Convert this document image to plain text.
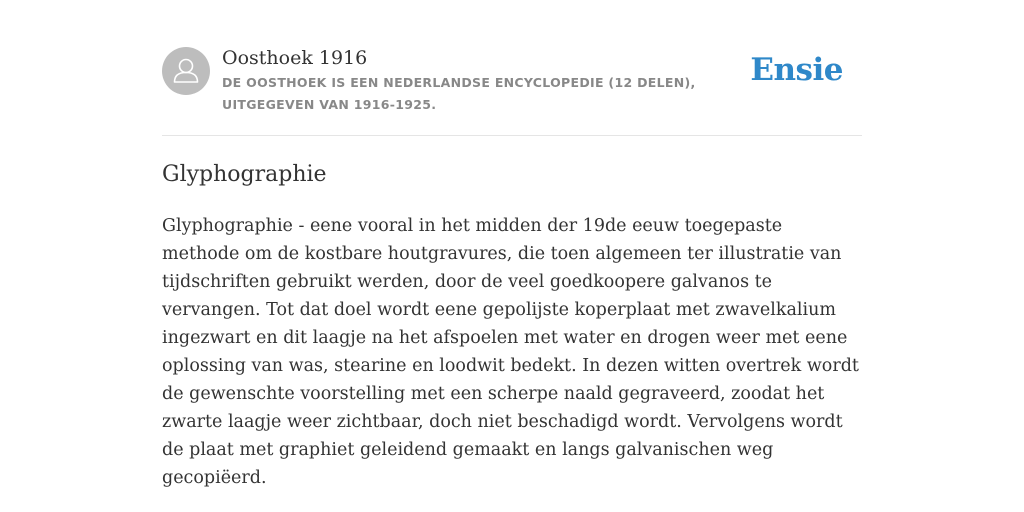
Oosthoek 1916
DE OOSTHOEK IS EEN NEDERLANDSE ENCYCLOPEDIE (12 DELEN), UITGEGEVEN VAN 1916-1925.
Ensie
Glyphographie

Glyphographie - eene vooral in het midden der 19de eeuw toegepaste methode om de kostbare houtgravures, die toen algemeen ter illustratie van tijdschriften gebruikt werden, door de veel goedkoopere galvanos te vervangen. Tot dat doel wordt eene gepolijste koperplaat met zwavelkalium ingezwart en dit laagje na het afspoelen met water en drogen weer met eene oplossing van was, stearine en loodwit bedekt. In dezen witten overtrek wordt de gewenschte voorstelling met een scherpe naald gegraveerd, zoodat het zwarte laagje weer zichtbaar, doch niet beschadigd wordt. Vervolgens wordt de plaat met graphiet geleidend gemaakt en langs galvanischen weg gecopiëerd.
